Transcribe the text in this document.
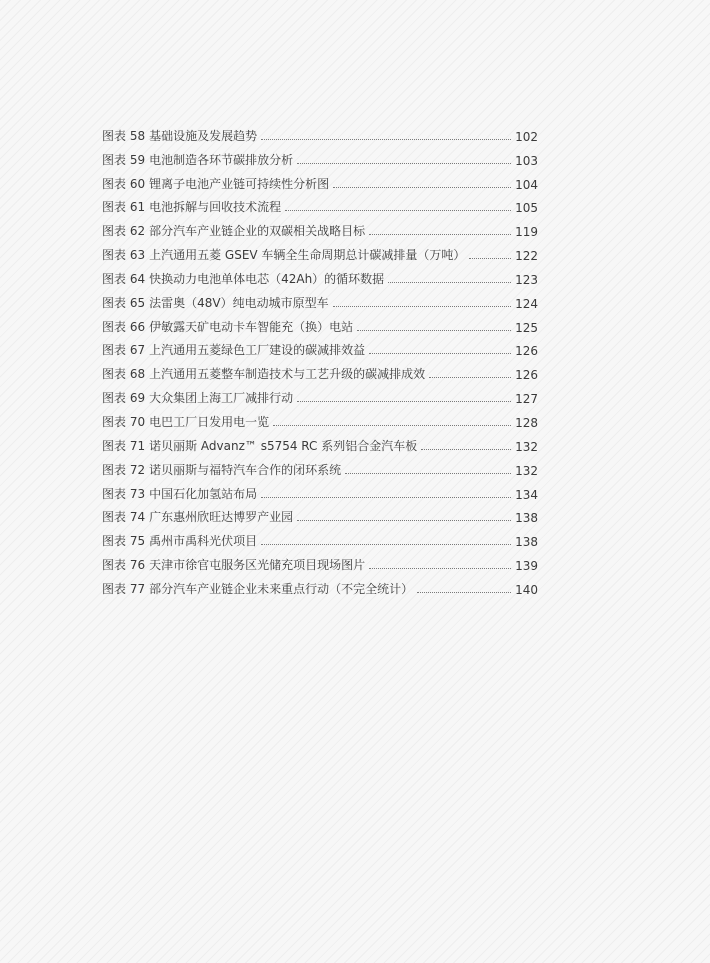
图表 58 基础设施及发展趋势	102
图表 59 电池制造各环节碳排放分析	103
图表 60 锂离子电池产业链可持续性分析图	104
图表 61 电池拆解与回收技术流程	105
图表 62 部分汽车产业链企业的双碳相关战略目标	119
图表 63 上汽通用五菱 GSEV 车辆全生命周期总计碳减排量（万吨）	122
图表 64 快换动力电池单体电芯（42Ah）的循环数据	123
图表 65 法雷奥（48V）纯电动城市原型车	124
图表 66 伊敏露天矿电动卡车智能充（换）电站	125
图表 67 上汽通用五菱绿色工厂建设的碳减排效益	126
图表 68 上汽通用五菱整车制造技术与工艺升级的碳减排成效	126
图表 69 大众集团上海工厂减排行动	127
图表 70 电巴工厂日发用电一览	128
图表 71 诺贝丽斯 Advanz™ s5754 RC 系列铝合金汽车板	132
图表 72 诺贝丽斯与福特汽车合作的闭环系统	132
图表 73 中国石化加氢站布局	134
图表 74 广东惠州欣旺达博罗产业园	138
图表 75 禹州市禹科光伏项目	138
图表 76 天津市徐官屯服务区光储充项目现场图片	139
图表 77 部分汽车产业链企业未来重点行动（不完全统计）	140
